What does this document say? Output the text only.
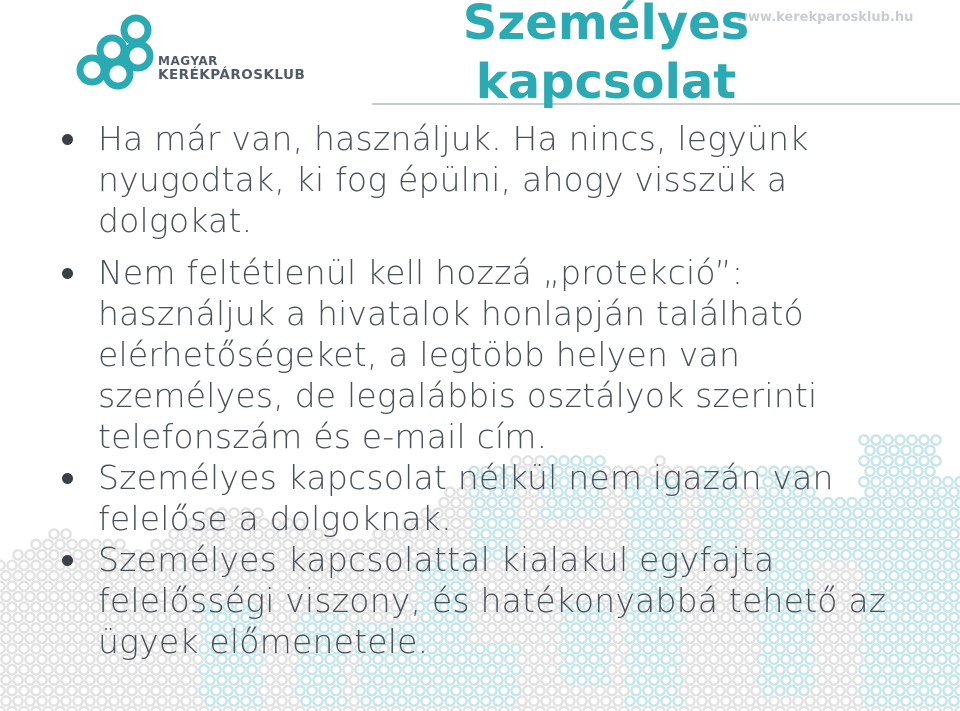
MAGYAR
KERÉKPÁROSKLUB
www.kerekparosklub.hu
Személyes kapcsolat
Ha már van, használjuk. Ha nincs, legyünk nyugodtak, ki fog épülni, ahogy visszük a dolgokat.
Nem feltétlenül kell hozzá „protekció”: használjuk a hivatalok honlapján található elérhetőségeket, a legtöbb helyen van személyes, de legalábbis osztályok szerinti telefonszám és e-mail cím.
Személyes kapcsolat nélkül nem igazán van felelőse a dolgoknak.
Személyes kapcsolattal kialakul egyfajta felelősségi viszony, és hatékonyabbá tehető az ügyek előmenetele.
